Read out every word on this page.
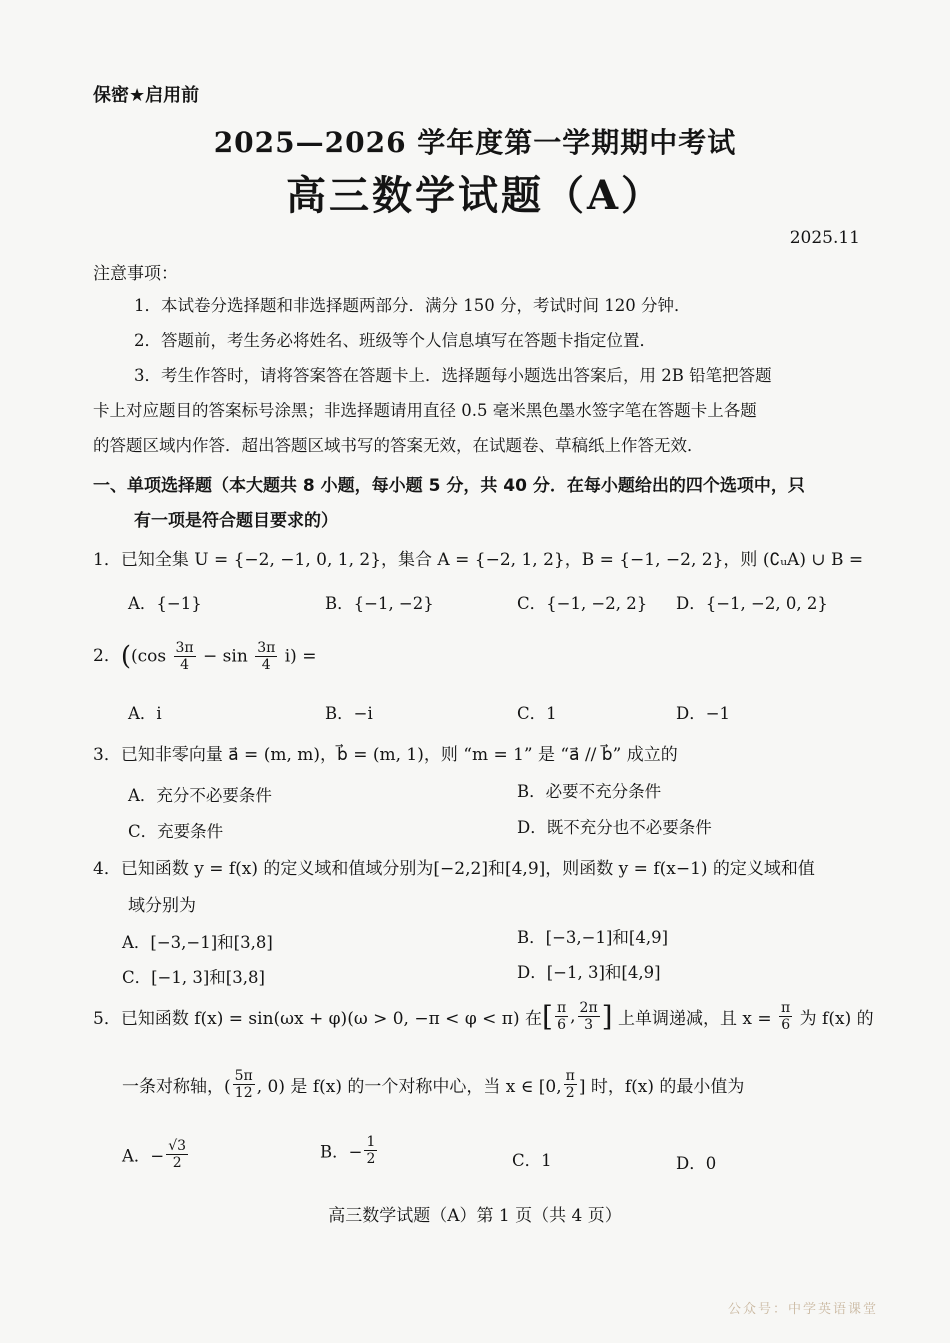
保密★启用前
2025—2026 学年度第一学期期中考试
高三数学试题（A）
2025.11
注意事项：
1．本试卷分选择题和非选择题两部分．满分 150 分，考试时间 120 分钟．
2．答题前，考生务必将姓名、班级等个人信息填写在答题卡指定位置．
3．考生作答时，请将答案答在答题卡上．选择题每小题选出答案后，用 2B 铅笔把答题
卡上对应题目的答案标号涂黑；非选择题请用直径 0.5 毫米黑色墨水签字笔在答题卡上各题
的答题区域内作答．超出答题区域书写的答案无效，在试题卷、草稿纸上作答无效．
一、单项选择题（本大题共 8 小题，每小题 5 分，共 40 分．在每小题给出的四个选项中，只
有一项是符合题目要求的）
1．已知全集 U = {−2, −1, 0, 1, 2}，集合 A = {−2, 1, 2}，B = {−1, −2, 2}，则 (∁ᵤA) ∪ B =
A．{−1}	B．{−1, −2}	C．{−1, −2, 2} D．{−1, −2, 0, 2}
2．($(\cos \frac{3\pi}{4} - \sin \frac{3\pi}{4} i)$ =
A．i	B．−i	C．1	D．−1
3．已知非零向量 a⃗ = (m, m)，b⃗ = (m, 1)，则 “m = 1” 是 “a⃗ // b⃗” 成立的
A．充分不必要条件	B．必要不充分条件
C．充要条件	D．既不充分也不必要条件
4．已知函数 y = f(x) 的定义域和值域分别为[−2,2]和[4,9]，则函数 y = f(x−1) 的定义域和值
域分别为
A．[−3,−1]和[3,8]	B．[−3,−1]和[4,9]
C．[−1, 3]和[3,8]	D．[−1, 3]和[4,9]
5．已知函数 f(x) = sin(ωx + φ)(ω > 0, −π < φ < π) 在[ $\frac{\pi}{6}$ , $\frac{2\pi}{3}$ ] 上单调递减，且 $x = \frac{\pi}{6}$ 为 f(x) 的
一条对称轴，( $\frac{5\pi}{12}$ , 0) 是 f(x) 的一个对称中心，当 x ∈ [0, $\frac{\pi}{2}$ ] 时，f(x) 的最小值为
A．− $\frac{√3}{2}$	B．− $\frac{1}{2}$	C．1	D．0
高三数学试题（A）第 1 页（共 4 页）
公众号：中学英语课堂
